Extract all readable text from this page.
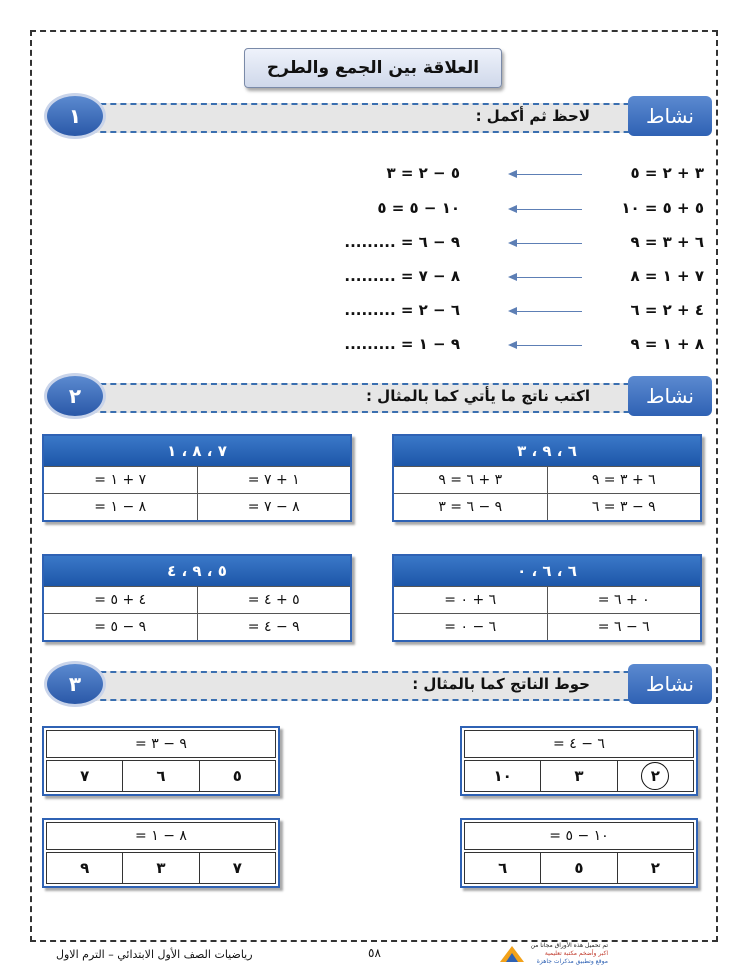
العلاقة بين الجمع والطرح
لاحظ ثم أكمل :	نشاط
١
٣ + ٢ = ٥
٥ − ٢ = ٣
٥ + ٥ = ١٠
١٠ − ٥ = ٥
٦ + ٣ = ٩
٩ − ٦ = .........
٧ + ١ = ٨
٨ − ٧ = .........
٤ + ٢ = ٦
٦ − ٢ = .........
٨ + ١ = ٩
٩ − ١ = .........
اكتب ناتج ما يأتي كما بالمثال :	نشاط
٢
٦ ، ٩ ، ٣
٣ + ٦ = ٩	٦ + ٣ = ٩
٩ − ٦ = ٣	٩ − ٣ = ٦
٧ ، ٨ ، ١
٧ + ١ =	١ + ٧ =
٨ − ١ =	٨ − ٧ =
٦ ، ٦ ، ٠
٦ + ٠ =	٠ + ٦ =
٦ − ٠ =	٦ − ٦ =
٥ ، ٩ ، ٤
٤ + ٥ =	٥ + ٤ =
٩ − ٥ =	٩ − ٤ =
حوط الناتج كما بالمثال :	نشاط
٣
٦ − ٤ =
١٠	٣	٢
٩ − ٣ =
٧	٦	٥
١٠ − ٥ =
٦	٥	٢
٨ − ١ =
٩	٣	٧
رياضيات الصف الأول الابتدائي – الترم الاول	٥٨
تم تحميل هذه الأوراق مجانا من
اكبر وأضخم مكتبة تعليمية
موقع وتطبيق مذكرات جاهزة
